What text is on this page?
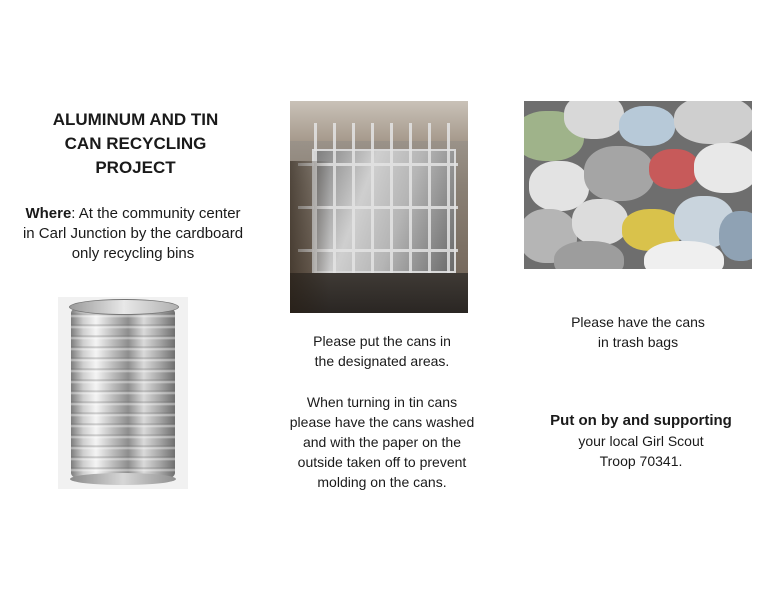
ALUMINUM AND TIN
CAN RECYCLING
PROJECT
Where: At the community center in Carl Junction by the cardboard only recycling bins
Please put the cans in
the designated areas.
When turning in tin cans
please have the cans washed
and with the paper on the
outside taken off to prevent
molding on the cans.
Please have the cans
in trash bags
Put on by and supporting
your local Girl Scout
Troop 70341.
